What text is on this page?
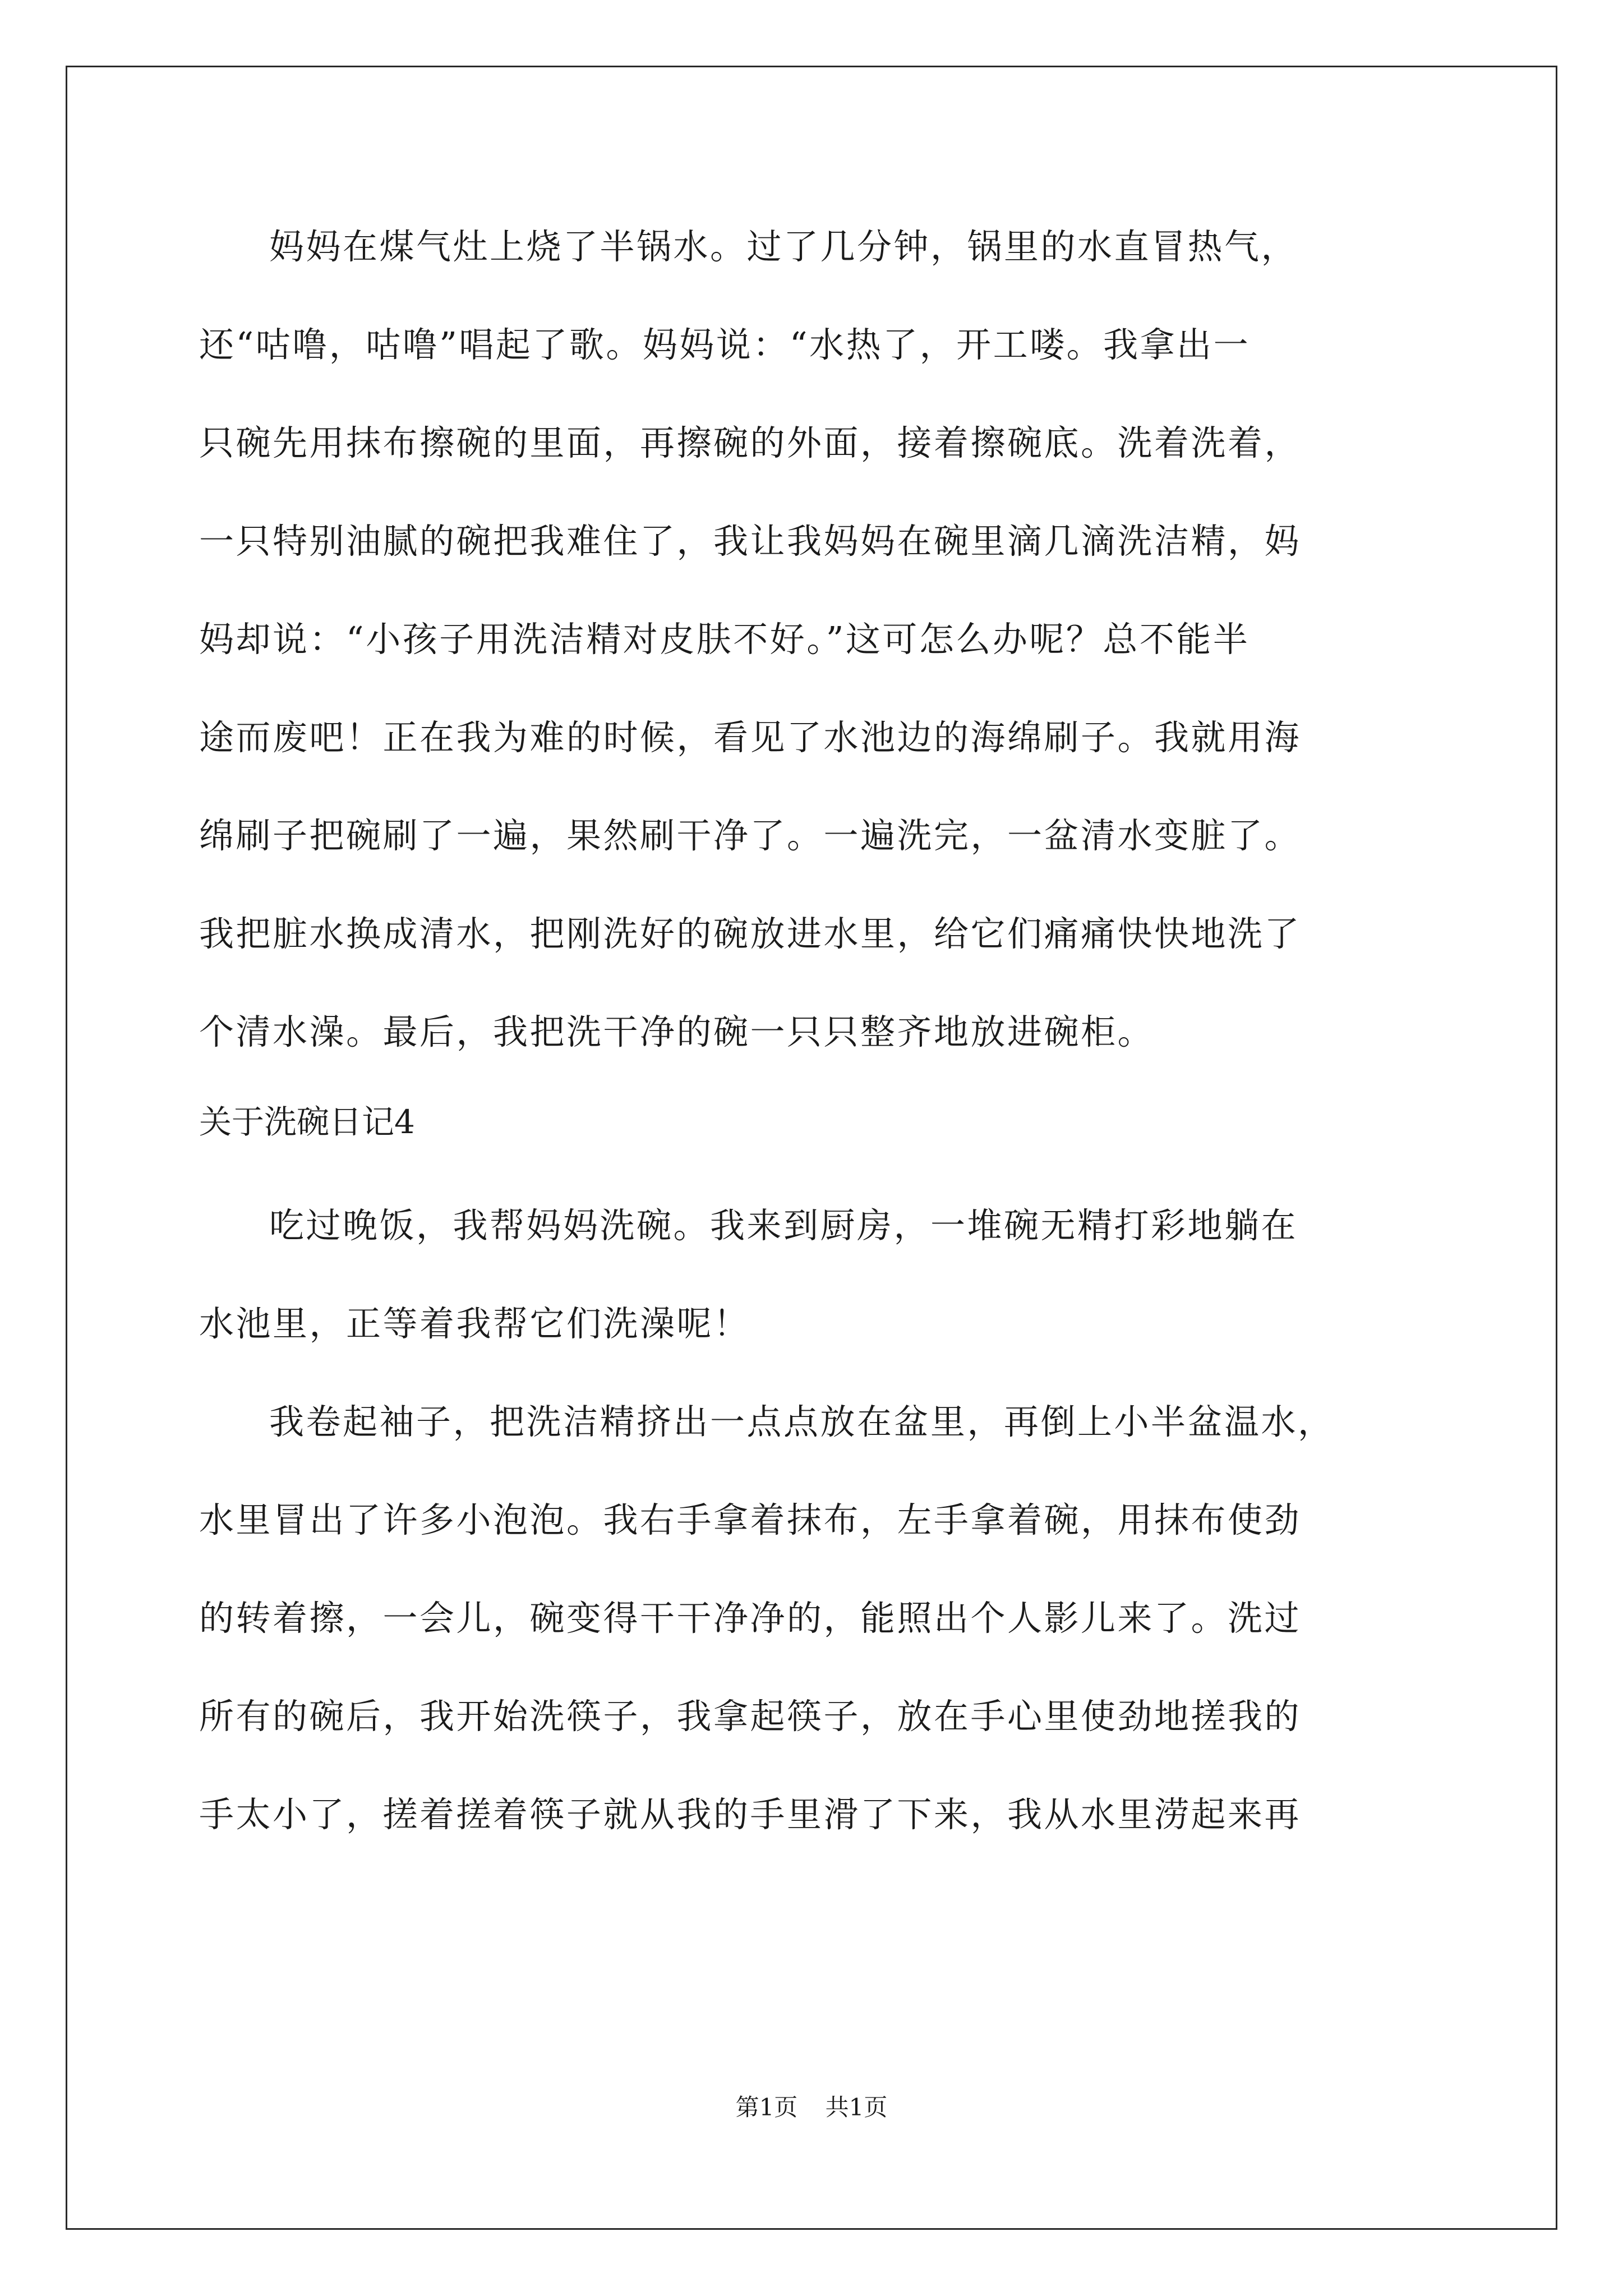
妈妈在煤气灶上烧了半锅水。过了几分钟，锅里的水直冒热气，
还“咕噜，咕噜”唱起了歌。妈妈说：“水热了，开工喽。我拿出一
只碗先用抹布擦碗的里面，再擦碗的外面，接着擦碗底。洗着洗着，
一只特别油腻的碗把我难住了，我让我妈妈在碗里滴几滴洗洁精，妈
妈却说：“小孩子用洗洁精对皮肤不好。”这可怎么办呢？总不能半
途而废吧！正在我为难的时候，看见了水池边的海绵刷子。我就用海
绵刷子把碗刷了一遍，果然刷干净了。一遍洗完，一盆清水变脏了。
我把脏水换成清水，把刚洗好的碗放进水里，给它们痛痛快快地洗了
个清水澡。最后，我把洗干净的碗一只只整齐地放进碗柜。
关于洗碗日记4
吃过晚饭，我帮妈妈洗碗。我来到厨房，一堆碗无精打彩地躺在
水池里，正等着我帮它们洗澡呢！
我卷起袖子，把洗洁精挤出一点点放在盆里，再倒上小半盆温水，
水里冒出了许多小泡泡。我右手拿着抹布，左手拿着碗，用抹布使劲
的转着擦，一会儿，碗变得干干净净的，能照出个人影儿来了。洗过
所有的碗后，我开始洗筷子，我拿起筷子，放在手心里使劲地搓我的
手太小了，搓着搓着筷子就从我的手里滑了下来，我从水里涝起来再
第1页 共1页
